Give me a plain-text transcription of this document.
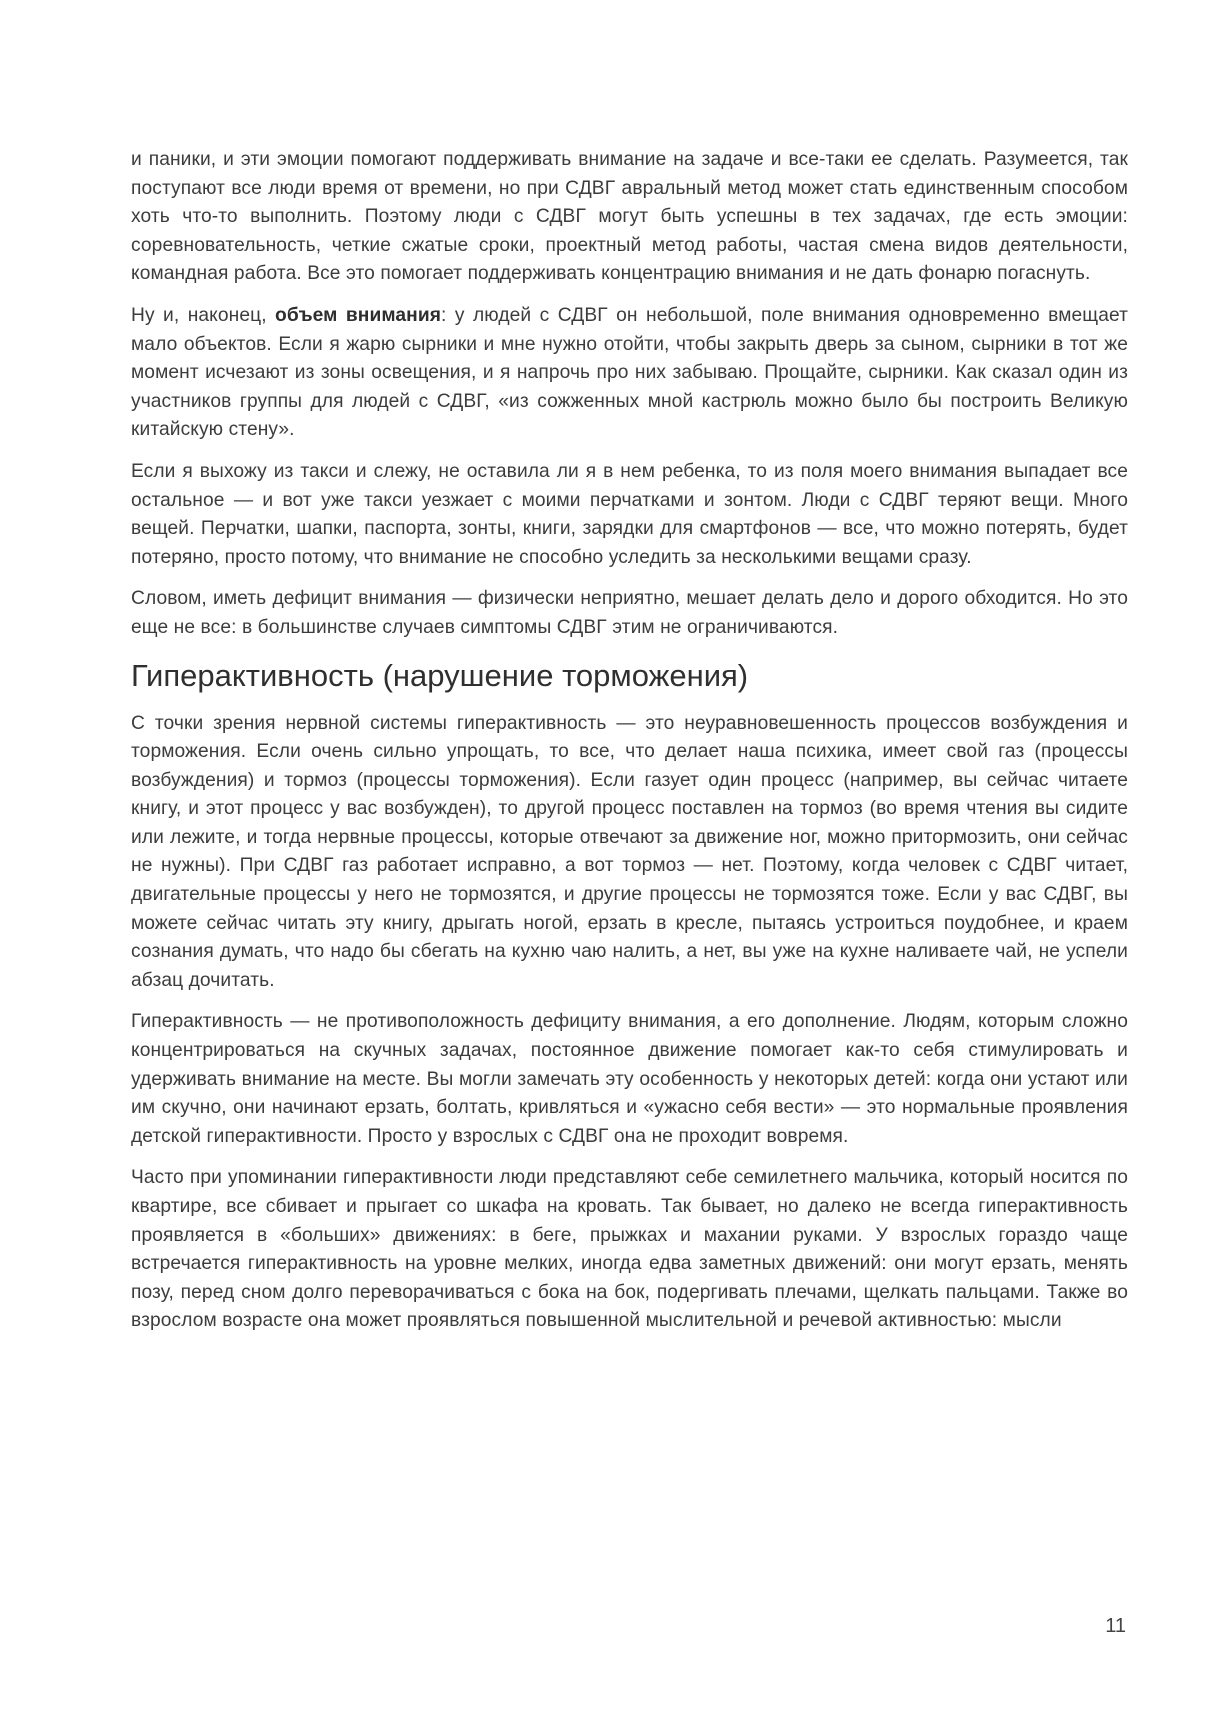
и паники, и эти эмоции помогают поддерживать внимание на задаче и все-таки ее сделать. Разумеется, так поступают все люди время от времени, но при СДВГ авральный метод может стать единственным способом хоть что-то выполнить. Поэтому люди с СДВГ могут быть успешны в тех задачах, где есть эмоции: соревновательность, четкие сжатые сроки, проектный метод работы, частая смена видов деятельности, командная работа. Все это помогает поддерживать концентрацию внимания и не дать фонарю погаснуть.

Ну и, наконец, объем внимания: у людей с СДВГ он небольшой, поле внимания одновременно вмещает мало объектов. Если я жарю сырники и мне нужно отойти, чтобы закрыть дверь за сыном, сырники в тот же момент исчезают из зоны освещения, и я напрочь про них забываю. Прощайте, сырники. Как сказал один из участников группы для людей с СДВГ, «из сожженных мной кастрюль можно было бы построить Великую китайскую стену».

Если я выхожу из такси и слежу, не оставила ли я в нем ребенка, то из поля моего внимания выпадает все остальное — и вот уже такси уезжает с моими перчатками и зонтом. Люди с СДВГ теряют вещи. Много вещей. Перчатки, шапки, паспорта, зонты, книги, зарядки для смартфонов — все, что можно потерять, будет потеряно, просто потому, что внимание не способно уследить за несколькими вещами сразу.

Словом, иметь дефицит внимания — физически неприятно, мешает делать дело и дорого обходится. Но это еще не все: в большинстве случаев симптомы СДВГ этим не ограничиваются.

Гиперактивность (нарушение торможения)

С точки зрения нервной системы гиперактивность — это неуравновешенность процессов возбуждения и торможения. Если очень сильно упрощать, то все, что делает наша психика, имеет свой газ (процессы возбуждения) и тормоз (процессы торможения). Если газует один процесс (например, вы сейчас читаете книгу, и этот процесс у вас возбужден), то другой процесс поставлен на тормоз (во время чтения вы сидите или лежите, и тогда нервные процессы, которые отвечают за движение ног, можно притормозить, они сейчас не нужны). При СДВГ газ работает исправно, а вот тормоз — нет. Поэтому, когда человек с СДВГ читает, двигательные процессы у него не тормозятся, и другие процессы не тормозятся тоже. Если у вас СДВГ, вы можете сейчас читать эту книгу, дрыгать ногой, ерзать в кресле, пытаясь устроиться поудобнее, и краем сознания думать, что надо бы сбегать на кухню чаю налить, а нет, вы уже на кухне наливаете чай, не успели абзац дочитать.

Гиперактивность — не противоположность дефициту внимания, а его дополнение. Людям, которым сложно концентрироваться на скучных задачах, постоянное движение помогает как-то себя стимулировать и удерживать внимание на месте. Вы могли замечать эту особенность у некоторых детей: когда они устают или им скучно, они начинают ерзать, болтать, кривляться и «ужасно себя вести» — это нормальные проявления детской гиперактивности. Просто у взрослых с СДВГ она не проходит вовремя.

Часто при упоминании гиперактивности люди представляют себе семилетнего мальчика, который носится по квартире, все сбивает и прыгает со шкафа на кровать. Так бывает, но далеко не всегда гиперактивность проявляется в «больших» движениях: в беге, прыжках и махании руками. У взрослых гораздо чаще встречается гиперактивность на уровне мелких, иногда едва заметных движений: они могут ерзать, менять позу, перед сном долго переворачиваться с бока на бок, подергивать плечами, щелкать пальцами. Также во взрослом возрасте она может проявляться повышенной мыслительной и речевой активностью: мысли

11
